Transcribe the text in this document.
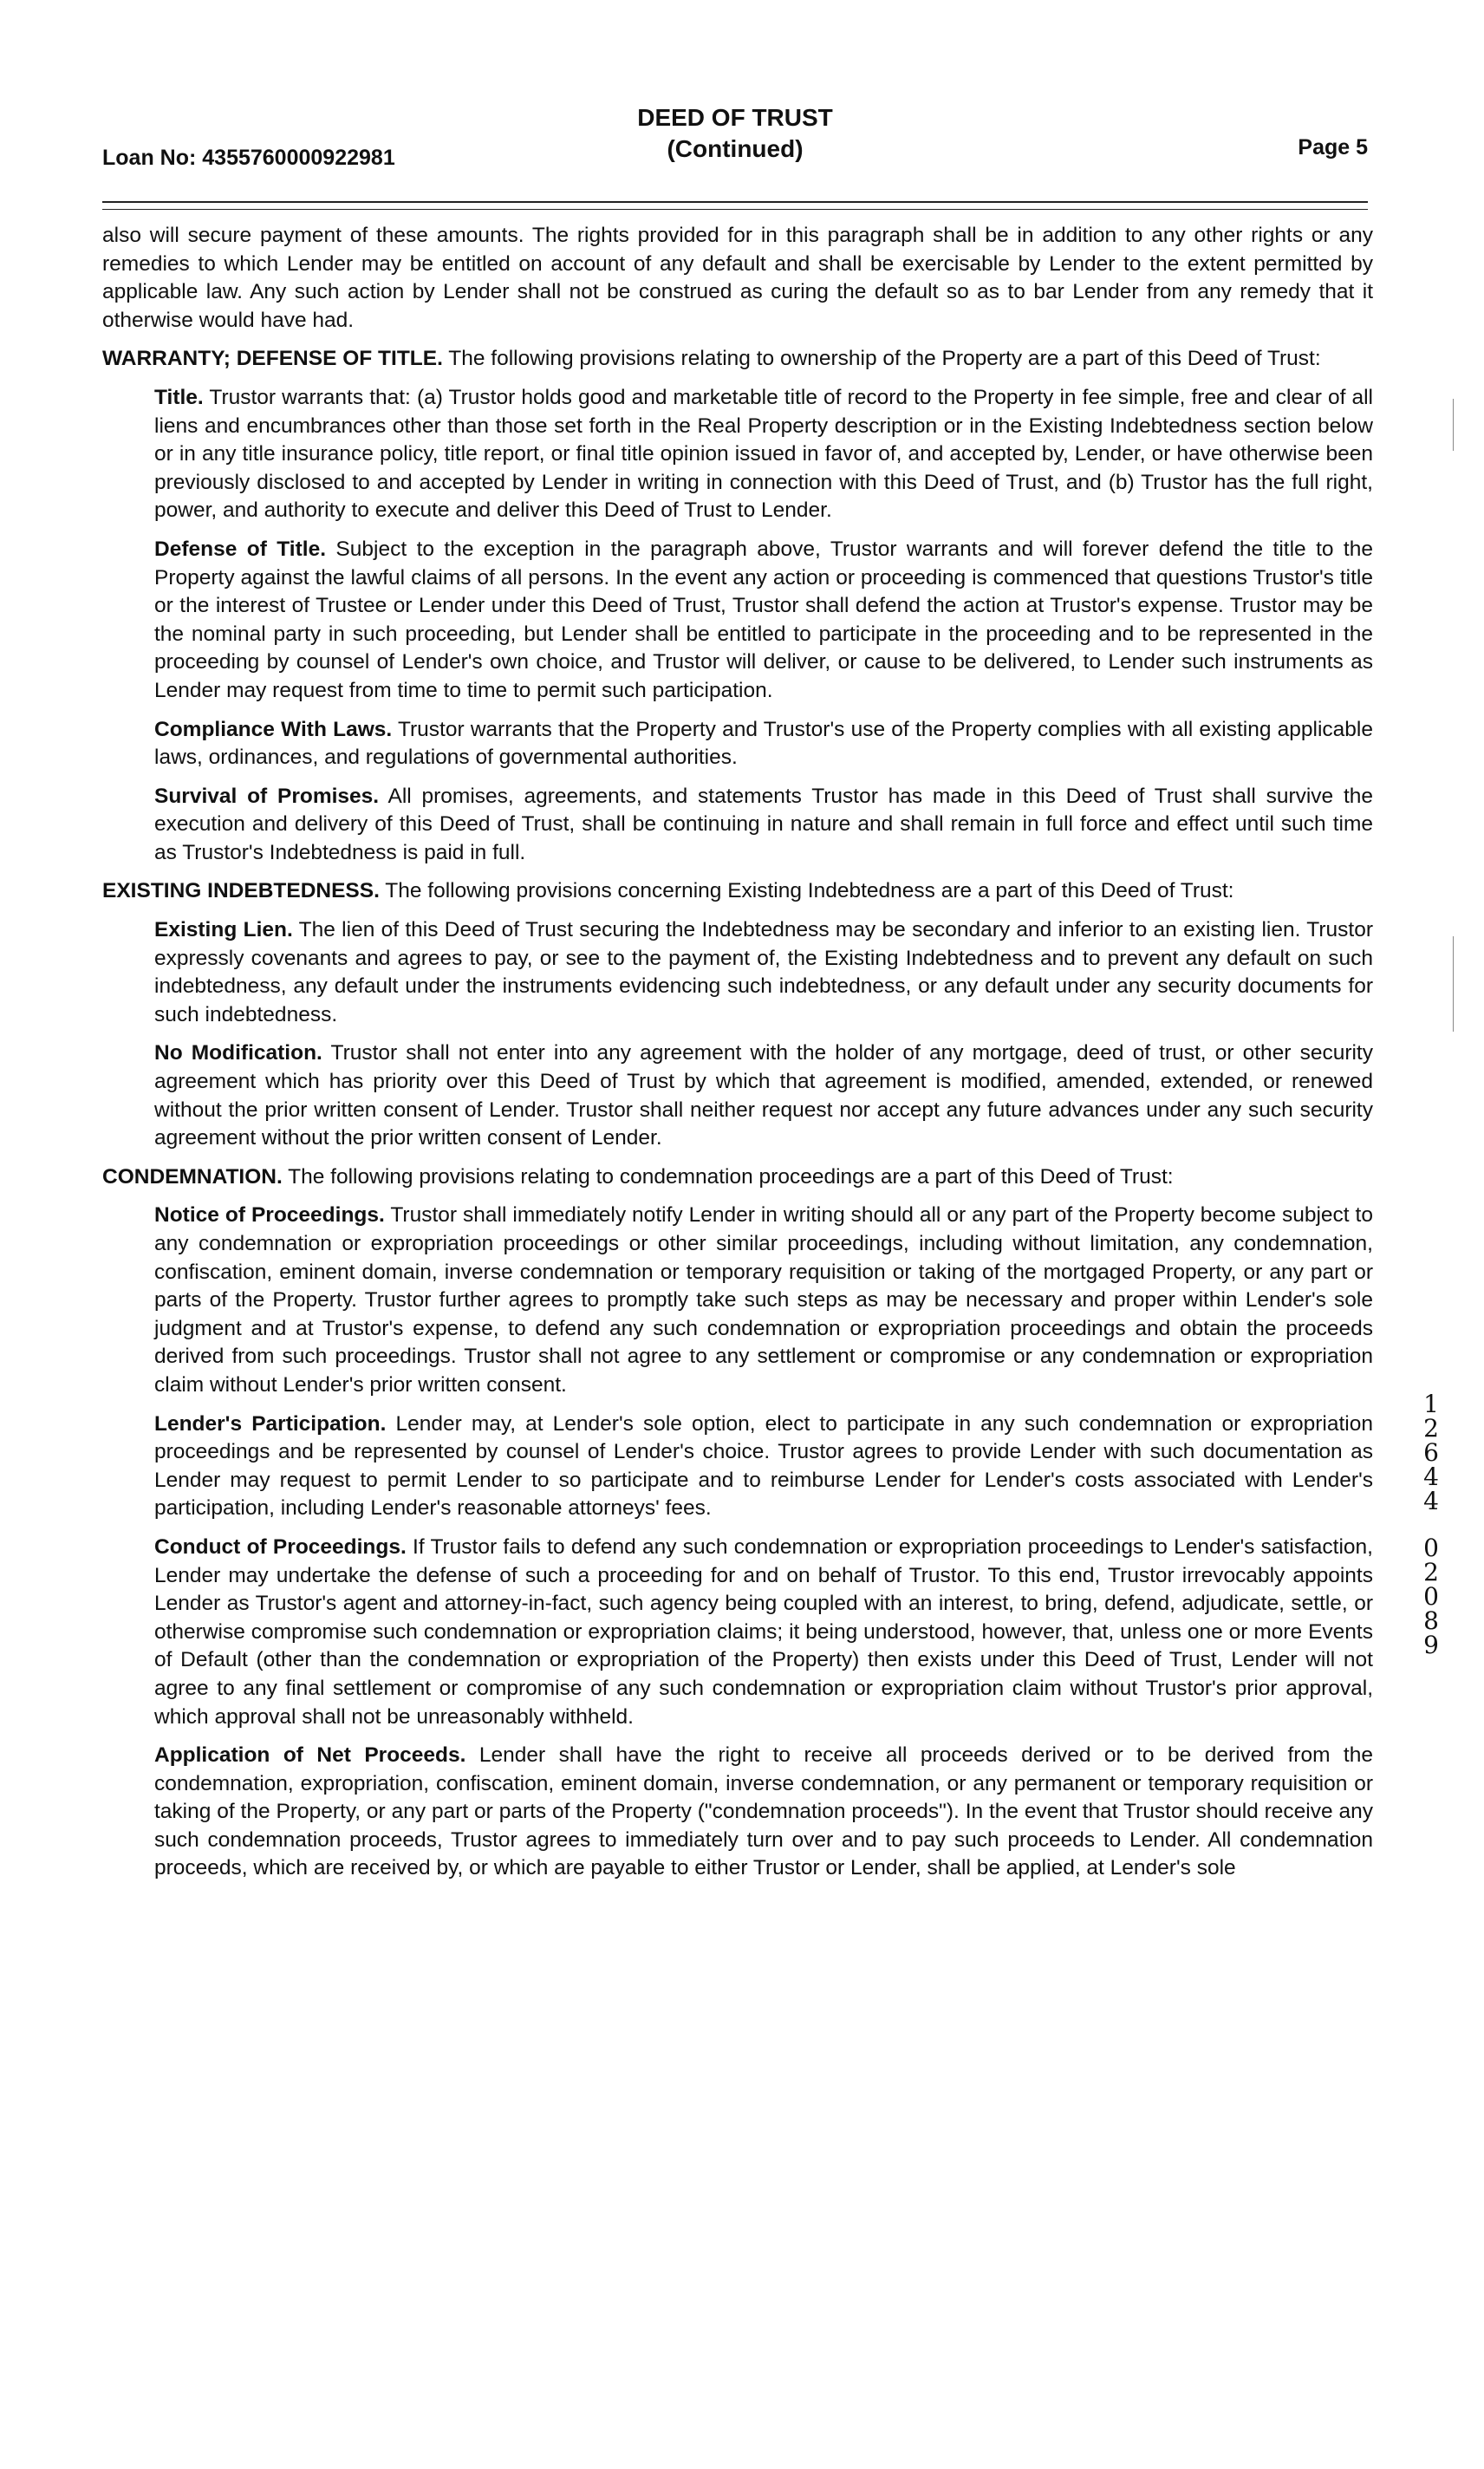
Loan No: 4355760000922981
DEED OF TRUST
(Continued)	Page 5

also will secure payment of these amounts. The rights provided for in this paragraph shall be in addition to any other rights or any remedies to which Lender may be entitled on account of any default and shall be exercisable by Lender to the extent permitted by applicable law. Any such action by Lender shall not be construed as curing the default so as to bar Lender from any remedy that it otherwise would have had.

WARRANTY; DEFENSE OF TITLE. The following provisions relating to ownership of the Property are a part of this Deed of Trust:

Title. Trustor warrants that: (a) Trustor holds good and marketable title of record to the Property in fee simple, free and clear of all liens and encumbrances other than those set forth in the Real Property description or in the Existing Indebtedness section below or in any title insurance policy, title report, or final title opinion issued in favor of, and accepted by, Lender, or have otherwise been previously disclosed to and accepted by Lender in writing in connection with this Deed of Trust, and (b) Trustor has the full right, power, and authority to execute and deliver this Deed of Trust to Lender.

Defense of Title. Subject to the exception in the paragraph above, Trustor warrants and will forever defend the title to the Property against the lawful claims of all persons. In the event any action or proceeding is commenced that questions Trustor's title or the interest of Trustee or Lender under this Deed of Trust, Trustor shall defend the action at Trustor's expense. Trustor may be the nominal party in such proceeding, but Lender shall be entitled to participate in the proceeding and to be represented in the proceeding by counsel of Lender's own choice, and Trustor will deliver, or cause to be delivered, to Lender such instruments as Lender may request from time to time to permit such participation.

Compliance With Laws. Trustor warrants that the Property and Trustor's use of the Property complies with all existing applicable laws, ordinances, and regulations of governmental authorities.

Survival of Promises. All promises, agreements, and statements Trustor has made in this Deed of Trust shall survive the execution and delivery of this Deed of Trust, shall be continuing in nature and shall remain in full force and effect until such time as Trustor's Indebtedness is paid in full.

EXISTING INDEBTEDNESS. The following provisions concerning Existing Indebtedness are a part of this Deed of Trust:

Existing Lien. The lien of this Deed of Trust securing the Indebtedness may be secondary and inferior to an existing lien. Trustor expressly covenants and agrees to pay, or see to the payment of, the Existing Indebtedness and to prevent any default on such indebtedness, any default under the instruments evidencing such indebtedness, or any default under any security documents for such indebtedness.

No Modification. Trustor shall not enter into any agreement with the holder of any mortgage, deed of trust, or other security agreement which has priority over this Deed of Trust by which that agreement is modified, amended, extended, or renewed without the prior written consent of Lender. Trustor shall neither request nor accept any future advances under any such security agreement without the prior written consent of Lender.

CONDEMNATION. The following provisions relating to condemnation proceedings are a part of this Deed of Trust:

Notice of Proceedings. Trustor shall immediately notify Lender in writing should all or any part of the Property become subject to any condemnation or expropriation proceedings or other similar proceedings, including without limitation, any condemnation, confiscation, eminent domain, inverse condemnation or temporary requisition or taking of the mortgaged Property, or any part or parts of the Property. Trustor further agrees to promptly take such steps as may be necessary and proper within Lender's sole judgment and at Trustor's expense, to defend any such condemnation or expropriation proceedings and obtain the proceeds derived from such proceedings. Trustor shall not agree to any settlement or compromise or any condemnation or expropriation claim without Lender's prior written consent.

Lender's Participation. Lender may, at Lender's sole option, elect to participate in any such condemnation or expropriation proceedings and be represented by counsel of Lender's choice. Trustor agrees to provide Lender with such documentation as Lender may request to permit Lender to so participate and to reimburse Lender for Lender's costs associated with Lender's participation, including Lender's reasonable attorneys' fees.

Conduct of Proceedings. If Trustor fails to defend any such condemnation or expropriation proceedings to Lender's satisfaction, Lender may undertake the defense of such a proceeding for and on behalf of Trustor. To this end, Trustor irrevocably appoints Lender as Trustor's agent and attorney-in-fact, such agency being coupled with an interest, to bring, defend, adjudicate, settle, or otherwise compromise such condemnation or expropriation claims; it being understood, however, that, unless one or more Events of Default (other than the condemnation or expropriation of the Property) then exists under this Deed of Trust, Lender will not agree to any final settlement or compromise of any such condemnation or expropriation claim without Trustor's prior approval, which approval shall not be unreasonably withheld.

Application of Net Proceeds. Lender shall have the right to receive all proceeds derived or to be derived from the condemnation, expropriation, confiscation, eminent domain, inverse condemnation, or any permanent or temporary requisition or taking of the Property, or any part or parts of the Property ("condemnation proceeds"). In the event that Trustor should receive any such condemnation proceeds, Trustor agrees to immediately turn over and to pay such proceeds to Lender. All condemnation proceeds, which are received by, or which are payable to either Trustor or Lender, shall be applied, at Lender's sole

1
2
6
4
4
0
2
0
8
9
